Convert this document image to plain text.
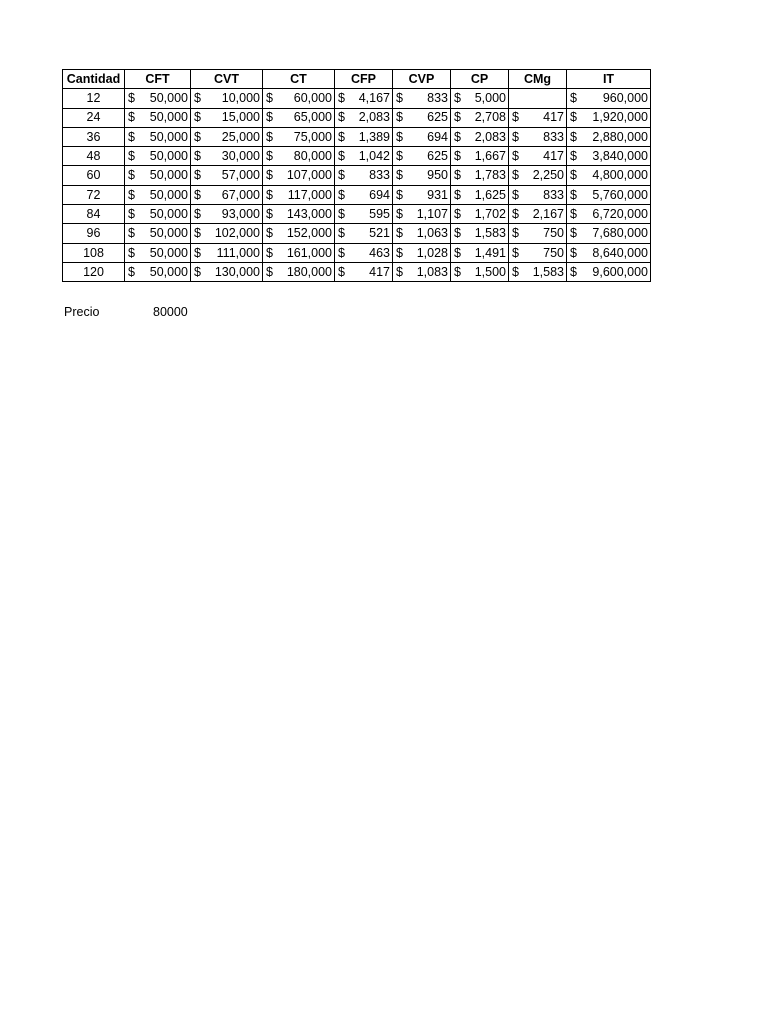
Cantidad	CFT	CVT	CT	CFP	CVP	CP	CMg	IT
12	$ 50,000	$ 10,000	$ 60,000	$ 4,167	$ 833	$ 5,000		$ 960,000

24	$ 50,000	$ 15,000	$ 65,000	$ 2,083	$ 625	$ 2,708	$ 417	$ 1,920,000

36	$ 50,000	$ 25,000	$ 75,000	$ 1,389	$ 694	$ 2,083	$ 833	$ 2,880,000

48	$ 50,000	$ 30,000	$ 80,000	$ 1,042	$ 625	$ 1,667	$ 417	$ 3,840,000

60	$ 50,000	$ 57,000	$ 107,000	$ 833	$ 950	$ 1,783	$ 2,250	$ 4,800,000

72	$ 50,000	$ 67,000	$ 117,000	$ 694	$ 931	$ 1,625	$ 833	$ 5,760,000

84	$ 50,000	$ 93,000	$ 143,000	$ 595	$ 1,107	$ 1,702	$ 2,167	$ 6,720,000

96	$ 50,000	$ 102,000	$ 152,000	$ 521	$ 1,063	$ 1,583	$ 750	$ 7,680,000

108	$ 50,000	$ 111,000	$ 161,000	$ 463	$ 1,028	$ 1,491	$ 750	$ 8,640,000

120	$ 50,000	$ 130,000	$ 180,000	$ 417	$ 1,083	$ 1,500	$ 1,583	$ 9,600,000
Precio	80000
